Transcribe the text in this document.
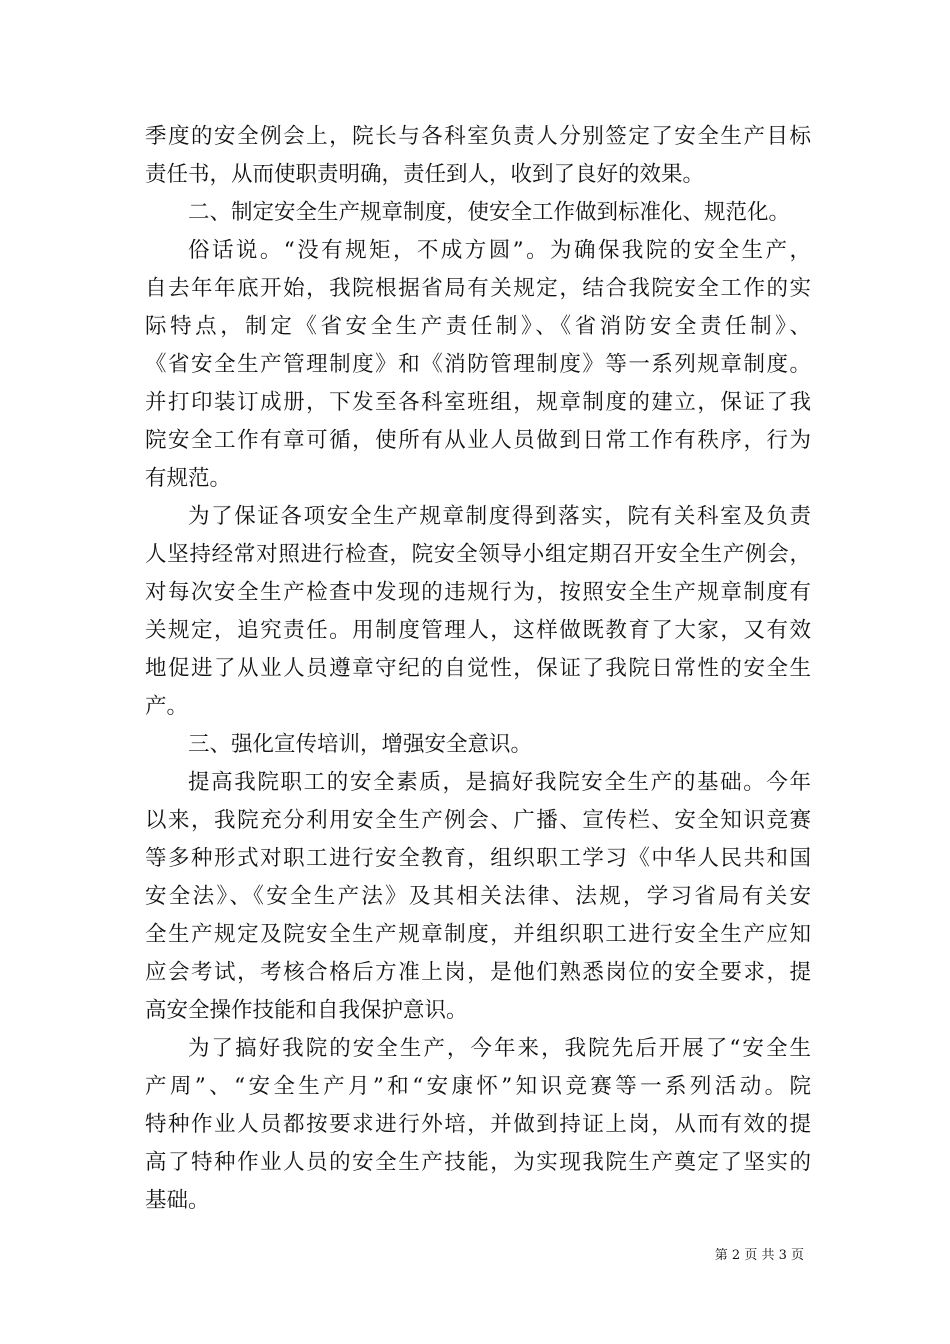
季度的安全例会上，院长与各科室负责人分别签定了安全生产目标
责任书，从而使职责明确，责任到人，收到了良好的效果。
二、制定安全生产规章制度，使安全工作做到标准化、规范化。
俗话说。“没有规矩，不成方圆”。为确保我院的安全生产，
自去年年底开始，我院根据省局有关规定，结合我院安全工作的实
际特点，制定《省安全生产责任制》、《省消防安全责任制》、
《省安全生产管理制度》和《消防管理制度》等一系列规章制度。
并打印装订成册，下发至各科室班组，规章制度的建立，保证了我
院安全工作有章可循，使所有从业人员做到日常工作有秩序，行为
有规范。
为了保证各项安全生产规章制度得到落实，院有关科室及负责
人坚持经常对照进行检查，院安全领导小组定期召开安全生产例会，
对每次安全生产检查中发现的违规行为，按照安全生产规章制度有
关规定，追究责任。用制度管理人，这样做既教育了大家，又有效
地促进了从业人员遵章守纪的自觉性，保证了我院日常性的安全生
产。
三、强化宣传培训，增强安全意识。
提高我院职工的安全素质，是搞好我院安全生产的基础。今年
以来，我院充分利用安全生产例会、广播、宣传栏、安全知识竞赛
等多种形式对职工进行安全教育，组织职工学习《中华人民共和国
安全法》、《安全生产法》及其相关法律、法规，学习省局有关安
全生产规定及院安全生产规章制度，并组织职工进行安全生产应知
应会考试，考核合格后方准上岗，是他们熟悉岗位的安全要求，提
高安全操作技能和自我保护意识。
为了搞好我院的安全生产，今年来，我院先后开展了“安全生
产周”、“安全生产月”和“安康怀”知识竞赛等一系列活动。院
特种作业人员都按要求进行外培，并做到持证上岗，从而有效的提
高了特种作业人员的安全生产技能，为实现我院生产奠定了坚实的
基础。
第 2 页 共 3 页
